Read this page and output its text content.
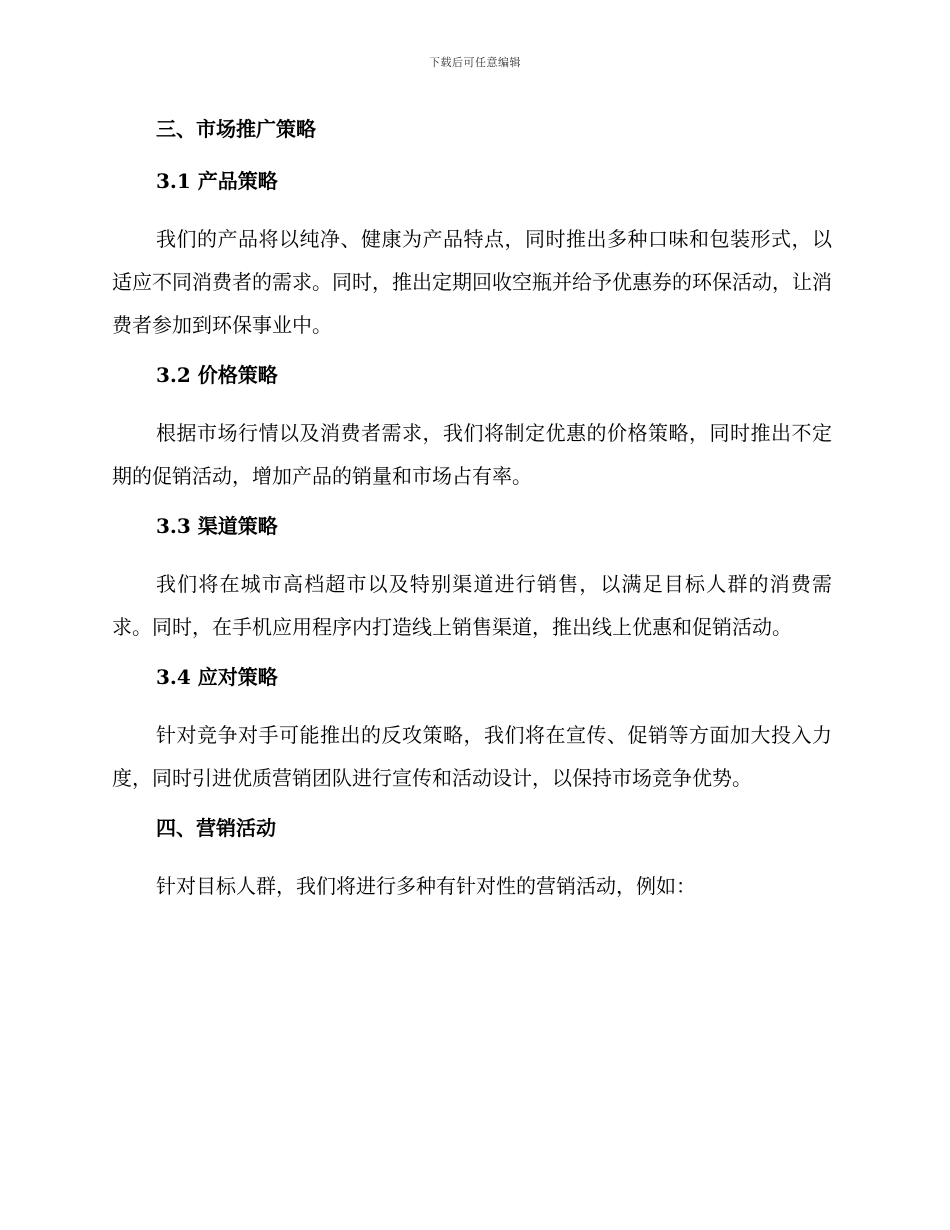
下载后可任意编辑
三、市场推广策略
3.1 产品策略

我们的产品将以纯净、健康为产品特点，同时推出多种口味和包装形式，以适应不同消费者的需求。同时，推出定期回收空瓶并给予优惠券的环保活动，让消费者参加到环保事业中。

3.2 价格策略

根据市场行情以及消费者需求，我们将制定优惠的价格策略，同时推出不定期的促销活动，增加产品的销量和市场占有率。

3.3 渠道策略

我们将在城市高档超市以及特别渠道进行销售，以满足目标人群的消费需求。同时，在手机应用程序内打造线上销售渠道，推出线上优惠和促销活动。

3.4 应对策略

针对竞争对手可能推出的反攻策略，我们将在宣传、促销等方面加大投入力度，同时引进优质营销团队进行宣传和活动设计，以保持市场竞争优势。

四、营销活动

针对目标人群，我们将进行多种有针对性的营销活动，例如：
